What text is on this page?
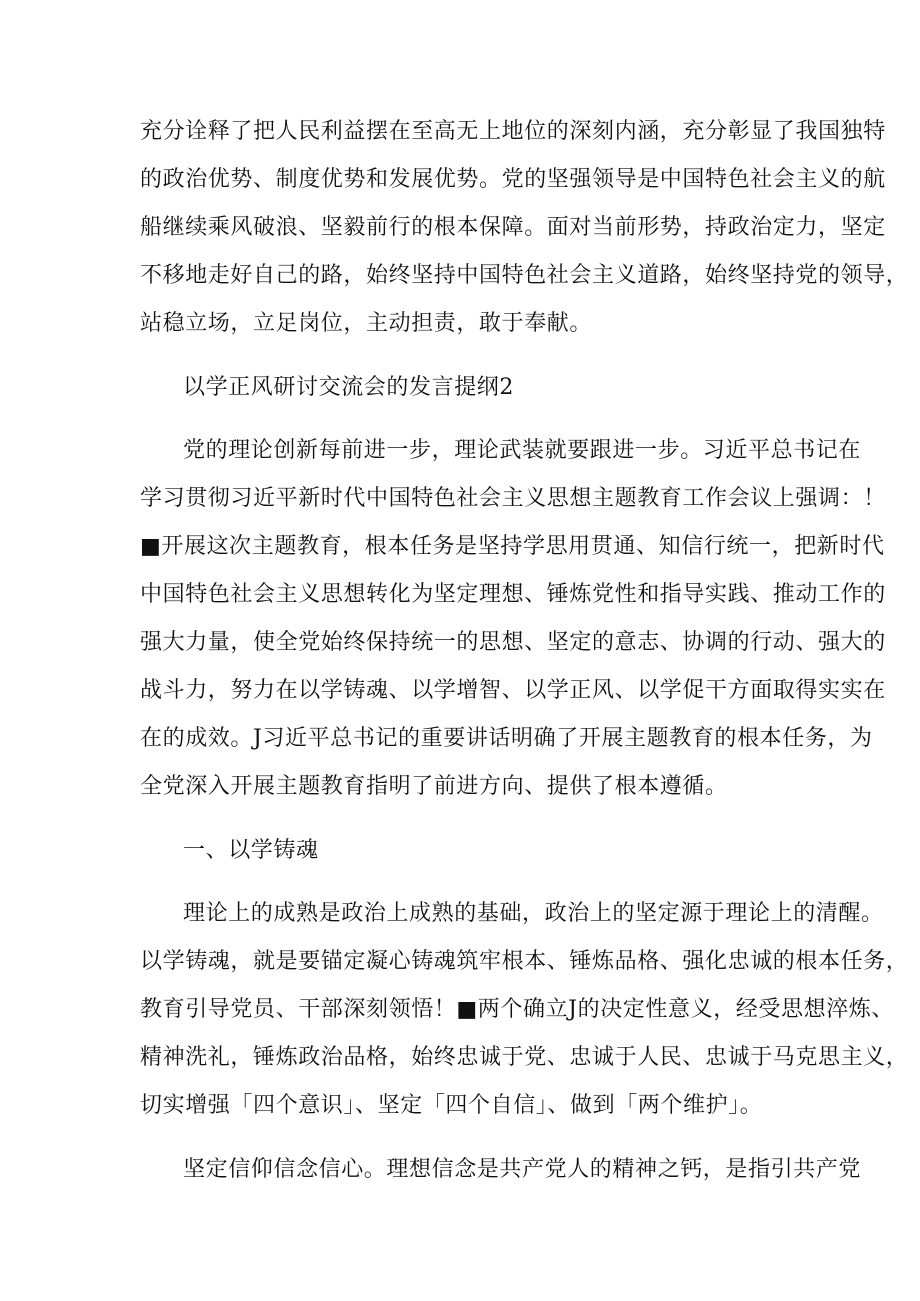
充分诠释了把人民利益摆在至高无上地位的深刻内涵，充分彰显了我国独特
的政治优势、制度优势和发展优势。党的坚强领导是中国特色社会主义的航
船继续乘风破浪、坚毅前行的根本保障。面对当前形势，持政治定力，坚定
不移地走好自己的路，始终坚持中国特色社会主义道路，始终坚持党的领导，
站稳立场，立足岗位，主动担责，敢于奉献。
以学正风研讨交流会的发言提纲2
党的理论创新每前进一步，理论武装就要跟进一步。习近平总书记在
学习贯彻习近平新时代中国特色社会主义思想主题教育工作会议上强调：！
■开展这次主题教育，根本任务是坚持学思用贯通、知信行统一，把新时代
中国特色社会主义思想转化为坚定理想、锤炼党性和指导实践、推动工作的
强大力量，使全党始终保持统一的思想、坚定的意志、协调的行动、强大的
战斗力，努力在以学铸魂、以学增智、以学正风、以学促干方面取得实实在
在的成效。J习近平总书记的重要讲话明确了开展主题教育的根本任务，为
全党深入开展主题教育指明了前进方向、提供了根本遵循。
一、以学铸魂
理论上的成熟是政治上成熟的基础，政治上的坚定源于理论上的清醒。
以学铸魂，就是要锚定凝心铸魂筑牢根本、锤炼品格、强化忠诚的根本任务，
教育引导党员、干部深刻领悟！■两个确立J的决定性意义，经受思想淬炼、
精神洗礼，锤炼政治品格，始终忠诚于党、忠诚于人民、忠诚于马克思主义，
切实增强「四个意识」、坚定「四个自信」、做到「两个维护」。
坚定信仰信念信心。理想信念是共产党人的精神之钙，是指引共产党
